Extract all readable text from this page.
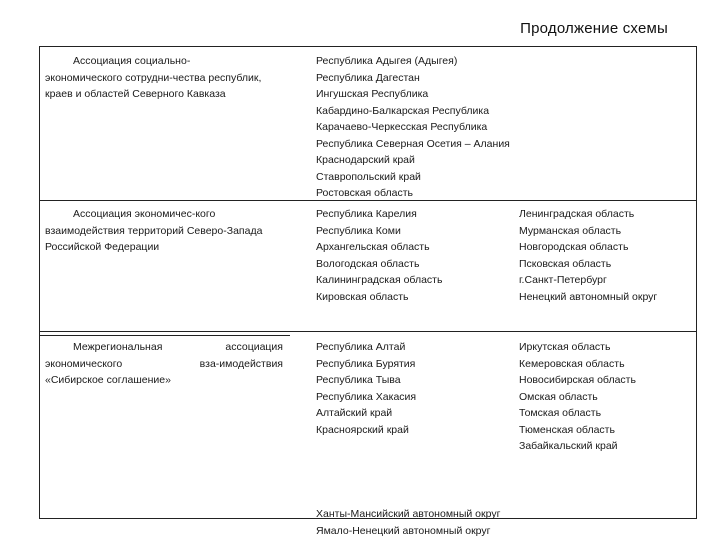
Продолжение схемы
Ассоциация социально-
экономического сотрудни-чества республик,
краев и областей Северного Кавказа
Республика Адыгея (Адыгея)
Республика Дагестан
Ингушская Республика
Кабардино-Балкарская Республика
Карачаево-Черкесская Республика
Республика Северная Осетия – Алания
Краснодарский край
Ставропольский край
Ростовская область
Ассоциация экономичес-кого
взаимодействия территорий Северо-Запада
Российской Федерации
Республика Карелия
Республика Коми
Архангельская область
Вологодская область
Калининградская область
Кировская область
Ленинградская область
Мурманская область
Новгородская область
Псковская область
г.Санкт-Петербург
Ненецкий автономный округ
Межрегиональная	ассоциация
экономического	вза-имодействия
«Сибирское соглашение»
Республика Алтай
Республика Бурятия
Республика Тыва
Республика Хакасия
Алтайский край
Красноярский край
Иркутская область
Кемеровская область
Новосибирская область
Омская область
Томская область
Тюменская область
Забайкальский край
Ханты-Мансийский автономный округ
Ямало-Ненецкий автономный округ
